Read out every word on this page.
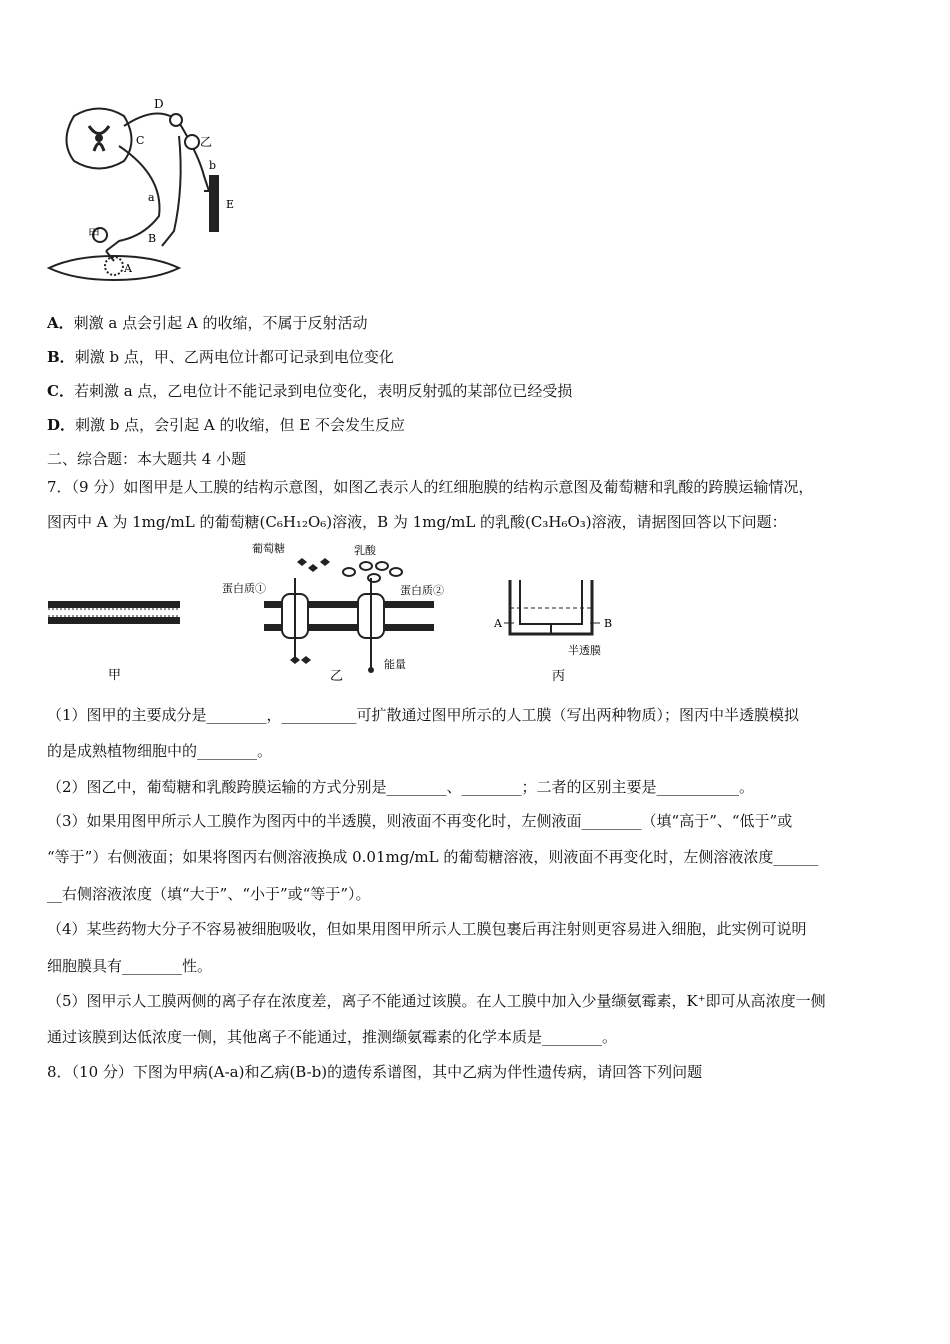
D
C	乙
b
a
E
甲	B
A
A．刺激 a 点会引起 A 的收缩，不属于反射活动
B．刺激 b 点，甲、乙两电位计都可记录到电位变化
C．若刺激 a 点，乙电位计不能记录到电位变化，表明反射弧的某部位已经受损
D．刺激 b 点，会引起 A 的收缩，但 E 不会发生反应
二、综合题：本大题共 4 小题
7．（9 分）如图甲是人工膜的结构示意图，如图乙表示人的红细胞膜的结构示意图及葡萄糖和乳酸的跨膜运输情况，
图丙中 A 为 1mg/mL 的葡萄糖(C₆H₁₂O₆)溶液，B 为 1mg/mL 的乳酸(C₃H₆O₃)溶液，请据图回答以下问题：
甲
葡萄糖	乳酸
蛋白质①	蛋白质②
能量
乙
A	B
半透膜
丙
（1）图甲的主要成分是________，__________可扩散通过图甲所示的人工膜（写出两种物质）；图丙中半透膜模拟
的是成熟植物细胞中的________。
（2）图乙中，葡萄糖和乳酸跨膜运输的方式分别是________、________；二者的区别主要是___________。
（3）如果用图甲所示人工膜作为图丙中的半透膜，则液面不再变化时，左侧液面________（填“高于”、“低于”或
“等于”）右侧液面；如果将图丙右侧溶液换成 0.01mg/mL 的葡萄糖溶液，则液面不再变化时，左侧溶液浓度______
__右侧溶液浓度（填“大于”、“小于”或“等于”）。
（4）某些药物大分子不容易被细胞吸收，但如果用图甲所示人工膜包裹后再注射则更容易进入细胞，此实例可说明
细胞膜具有________性。
（5）图甲示人工膜两侧的离子存在浓度差，离子不能通过该膜。在人工膜中加入少量缬氨霉素，K⁺即可从高浓度一侧
通过该膜到达低浓度一侧，其他离子不能通过，推测缬氨霉素的化学本质是________。
8．（10 分）下图为甲病(A-a)和乙病(B-b)的遗传系谱图，其中乙病为伴性遗传病，请回答下列问题
